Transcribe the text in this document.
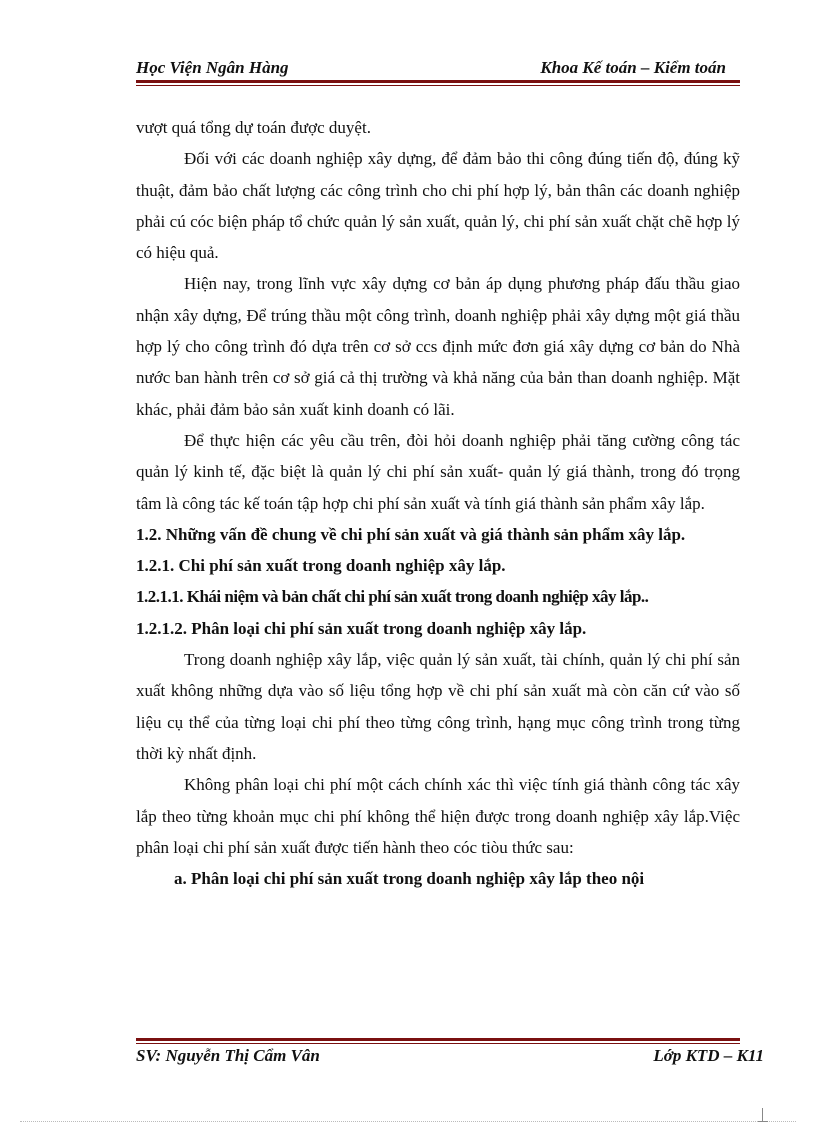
Học Viện Ngân Hàng	Khoa Kế toán – Kiểm toán

vượt quá tổng dự toán được duyệt.

Đối với các doanh nghiệp xây dựng, để đảm bảo thi công đúng tiến độ, đúng kỹ thuật, đảm bảo chất lượng các công trình cho chi phí hợp lý, bản thân các doanh nghiệp phải cú cóc biện pháp tổ chức quản lý sản xuất, quản lý, chi phí sản xuất chặt chẽ hợp lý có hiệu quả.

Hiện nay, trong lĩnh vực xây dựng cơ bản áp dụng phương pháp đấu thầu giao nhận xây dựng, Để trúng thầu một công trình, doanh nghiệp phải xây dựng một giá thầu hợp lý cho công trình đó dựa trên cơ sở ccs định mức đơn giá xây dựng cơ bản do Nhà nước ban hành trên cơ sở giá cả thị trường và khả năng của bản than doanh nghiệp. Mặt khác, phải đảm bảo sản xuất kinh doanh có lãi.

Để thực hiện các yêu cầu trên, đòi hỏi doanh nghiệp phải tăng cường công tác quản lý kinh tế, đặc biệt là quản lý chi phí sản xuất- quản lý giá thành, trong đó trọng tâm là công tác kế toán tập hợp chi phí sản xuất và tính giá thành sản phẩm xây lắp.

1.2. Những vấn đề chung về chi phí sản xuất và giá thành sản phẩm xây lắp.

1.2.1. Chi phí sản xuất trong doanh nghiệp xây lắp.

1.2.1.1. Khái niệm và bản chất chi phí sản xuất trong doanh nghiệp xây lắp..

1.2.1.2. Phân loại chi phí sản xuất trong doanh nghiệp xây lắp.

Trong doanh nghiệp xây lắp, việc quản lý sản xuất, tài chính, quản lý chi phí sản xuất không những dựa vào số liệu tổng hợp về chi phí sản xuất mà còn căn cứ vào số liệu cụ thể của từng loại chi phí theo từng công trình, hạng mục công trình trong từng thời kỳ nhất định.

Không phân loại chi phí một cách chính xác thì việc tính giá thành công tác xây lắp theo từng khoản mục chi phí không thể hiện được trong doanh nghiệp xây lắp.Việc phân loại chi phí sản xuất được tiến hành theo cóc tiòu thức sau:

a. Phân loại chi phí sản xuất trong doanh nghiệp xây lắp theo nội

SV: Nguyễn Thị Cẩm Vân	Lớp KTD – K11
